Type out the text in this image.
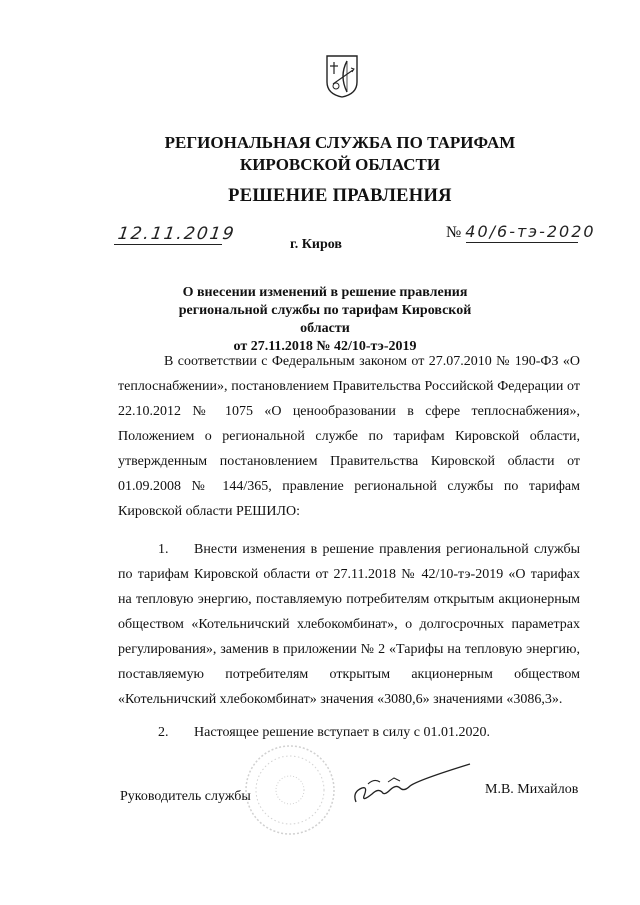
РЕГИОНАЛЬНАЯ СЛУЖБА ПО ТАРИФАМ
КИРОВСКОЙ ОБЛАСТИ
РЕШЕНИЕ ПРАВЛЕНИЯ
12.11.2019	№ 40/6-тэ-2020
г. Киров
О внесении изменений в решение правления
региональной службы по тарифам Кировской области
от 27.11.2018 № 42/10-тэ-2019
В соответствии с Федеральным законом от 27.07.2010 № 190-ФЗ «О теплоснабжении», постановлением Правительства Российской Федерации от 22.10.2012 № 1075 «О ценообразовании в сфере теплоснабжения», Положением о региональной службе по тарифам Кировской области, утвержденным постановлением Правительства Кировской области от 01.09.2008 № 144/365, правление региональной службы по тарифам Кировской области РЕШИЛО:
1. Внести изменения в решение правления региональной службы по тарифам Кировской области от 27.11.2018 № 42/10-тэ-2019 «О тарифах на тепловую энергию, поставляемую потребителям открытым акционерным обществом «Котельничский хлебокомбинат», о долгосрочных параметрах регулирования», заменив в приложении № 2 «Тарифы на тепловую энергию, поставляемую потребителям открытым акционерным обществом «Котельничский хлебокомбинат» значения «3080,6» значениями «3086,3».
2. Настоящее решение вступает в силу с 01.01.2020.
Руководитель службы	М.В. Михайлов
